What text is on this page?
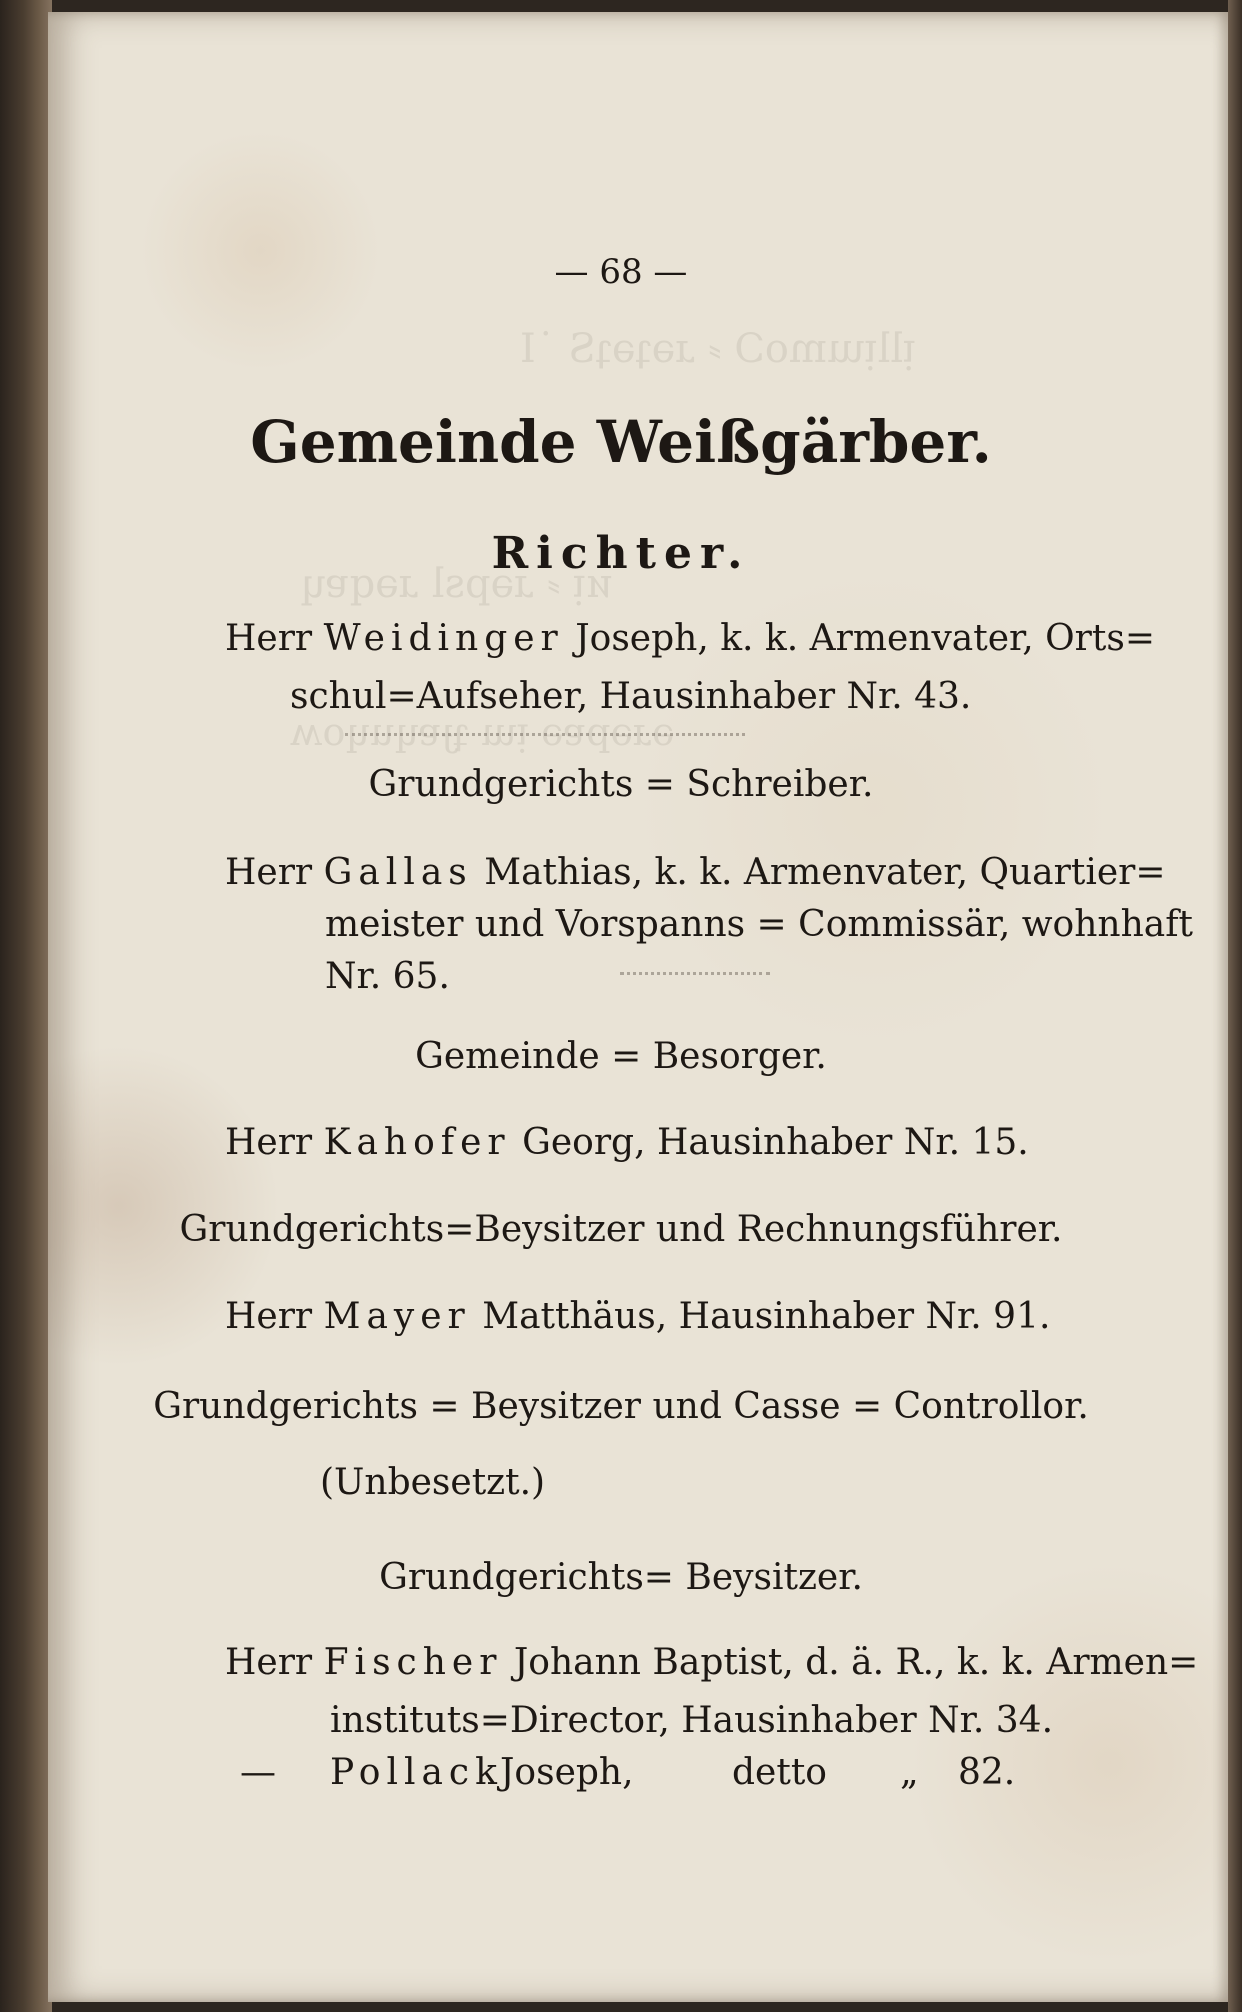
— 68 —
Gemeinde Weißgärber.
Richter.
Herr Weidinger Joseph, k. k. Armenvater, Orts=
schul=Aufseher, Hausinhaber Nr. 43.
Grundgerichts = Schreiber.
Herr Gallas Mathias, k. k. Armenvater, Quartier=
meister und Vorspanns = Commissär, wohnhaft
Nr. 65.
Gemeinde = Besorger.
Herr Kahofer Georg, Hausinhaber Nr. 15.
Grundgerichts=Beysitzer und Rechnungsführer.
Herr Mayer Matthäus, Hausinhaber Nr. 91.
Grundgerichts = Beysitzer und Casse = Controllor.
(Unbesetzt.)
Grundgerichts= Beysitzer.
Herr Fischer Johann Baptist, d. ä. R., k. k. Armen=
instituts=Director, Hausinhaber Nr. 34.
— Pollack
Joseph,	detto „ 82.
